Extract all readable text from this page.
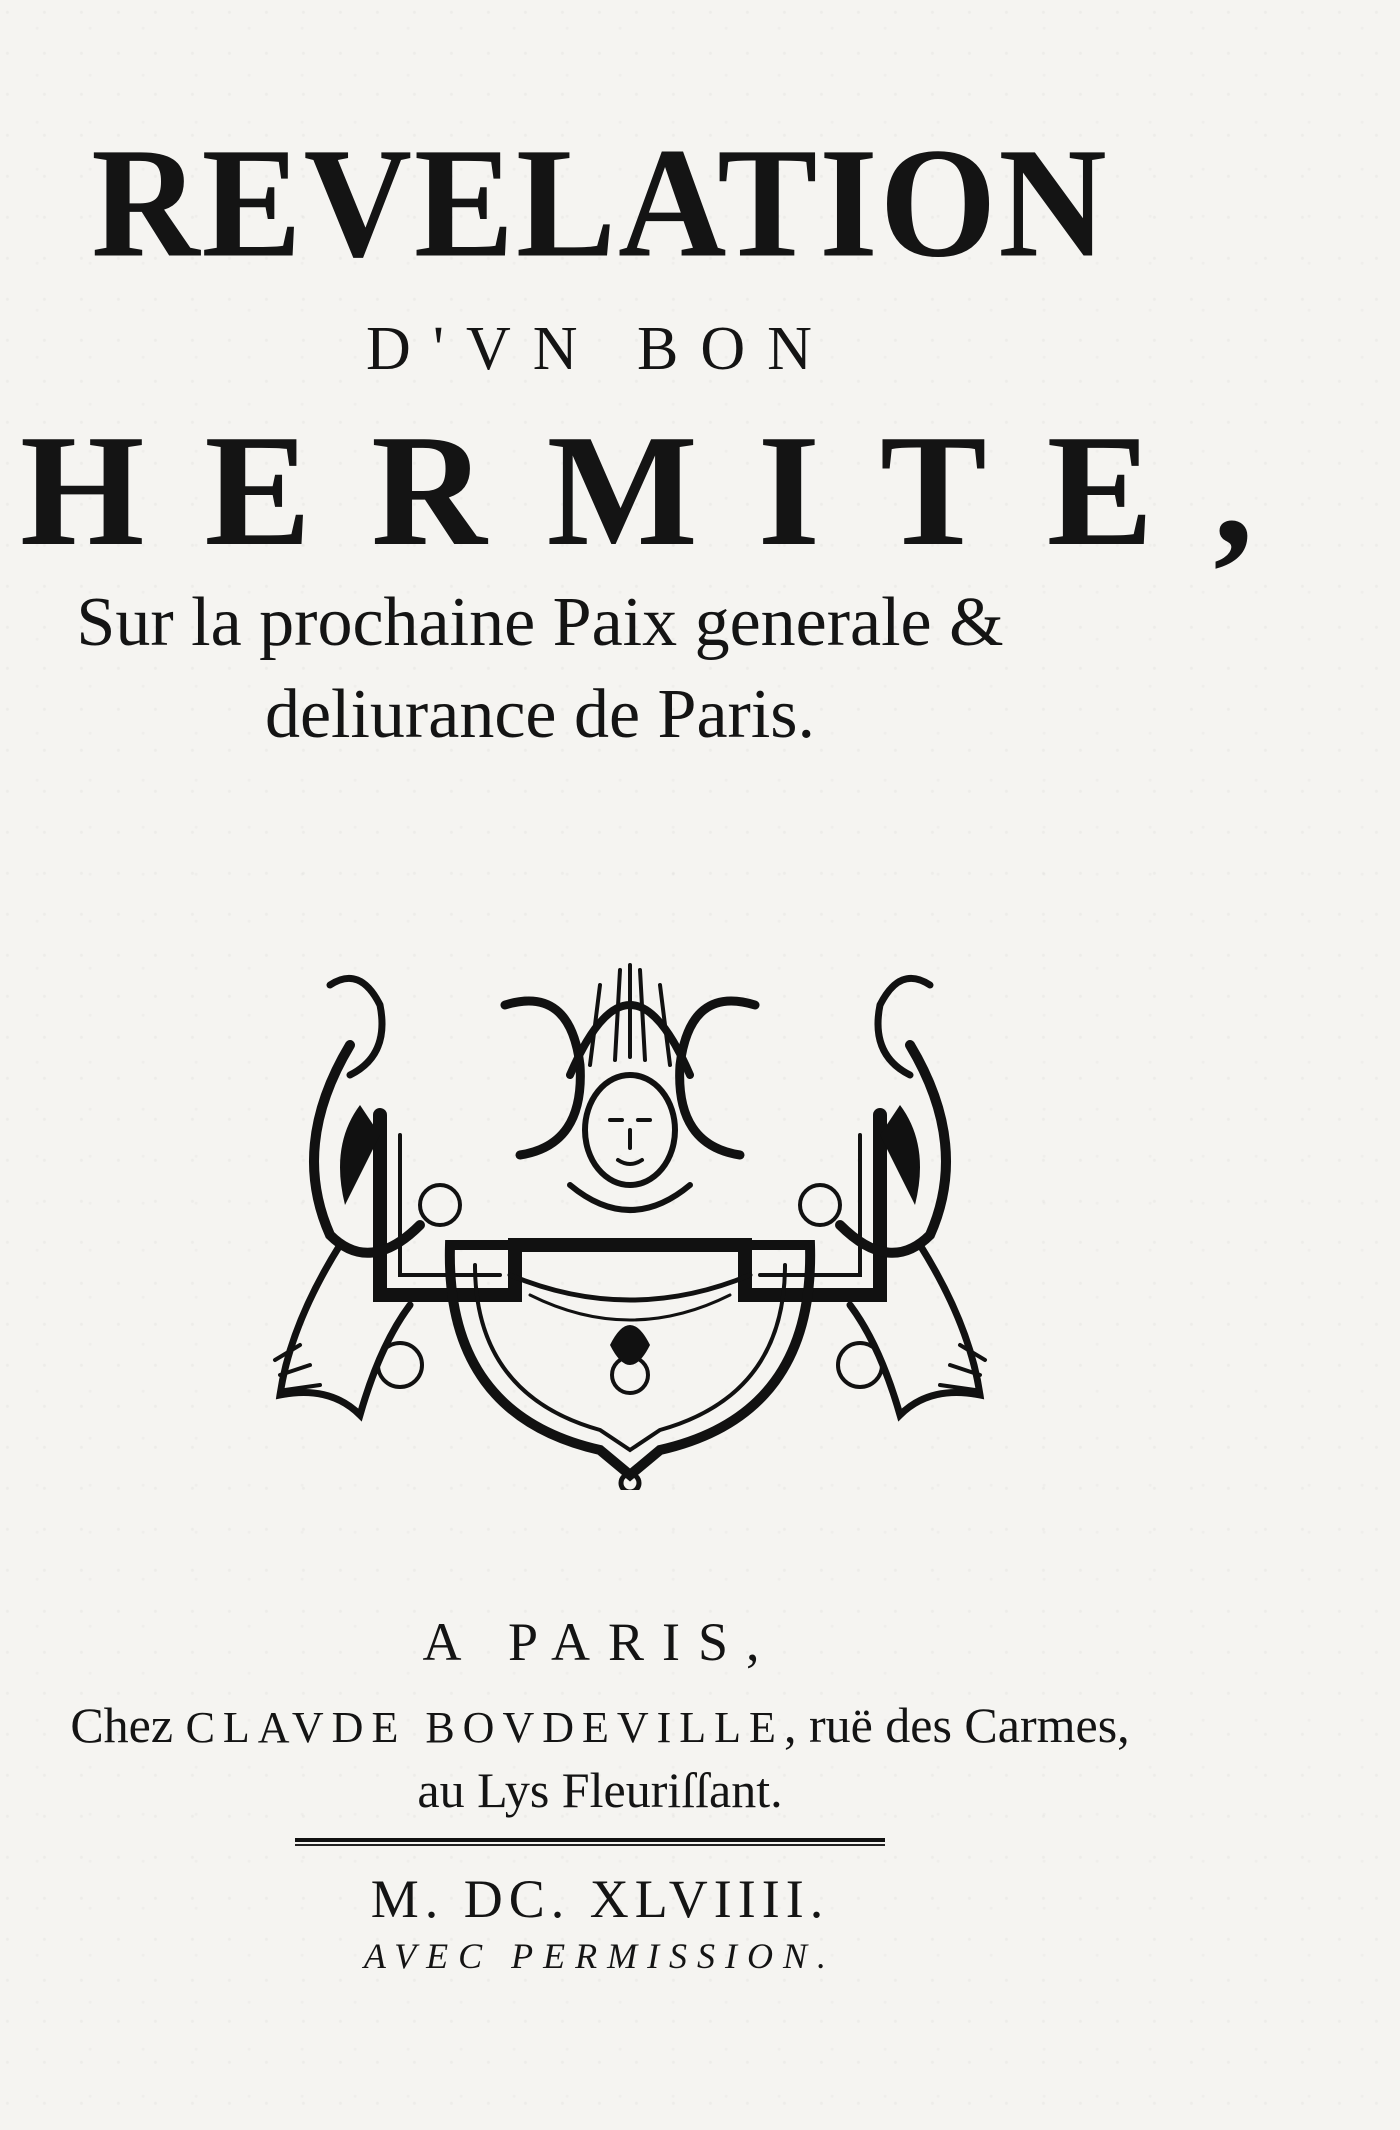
REVELATION
D'VN BON
HERMITE,
Sur la prochaine Paix generale &
deliurance de Paris.
A PARIS,
Chez CLAVDE BOVDEVILLE, ruë des Carmes,
au Lys Fleuriſſant.
M. DC. XLVIIII.
AVEC PERMISSION.
